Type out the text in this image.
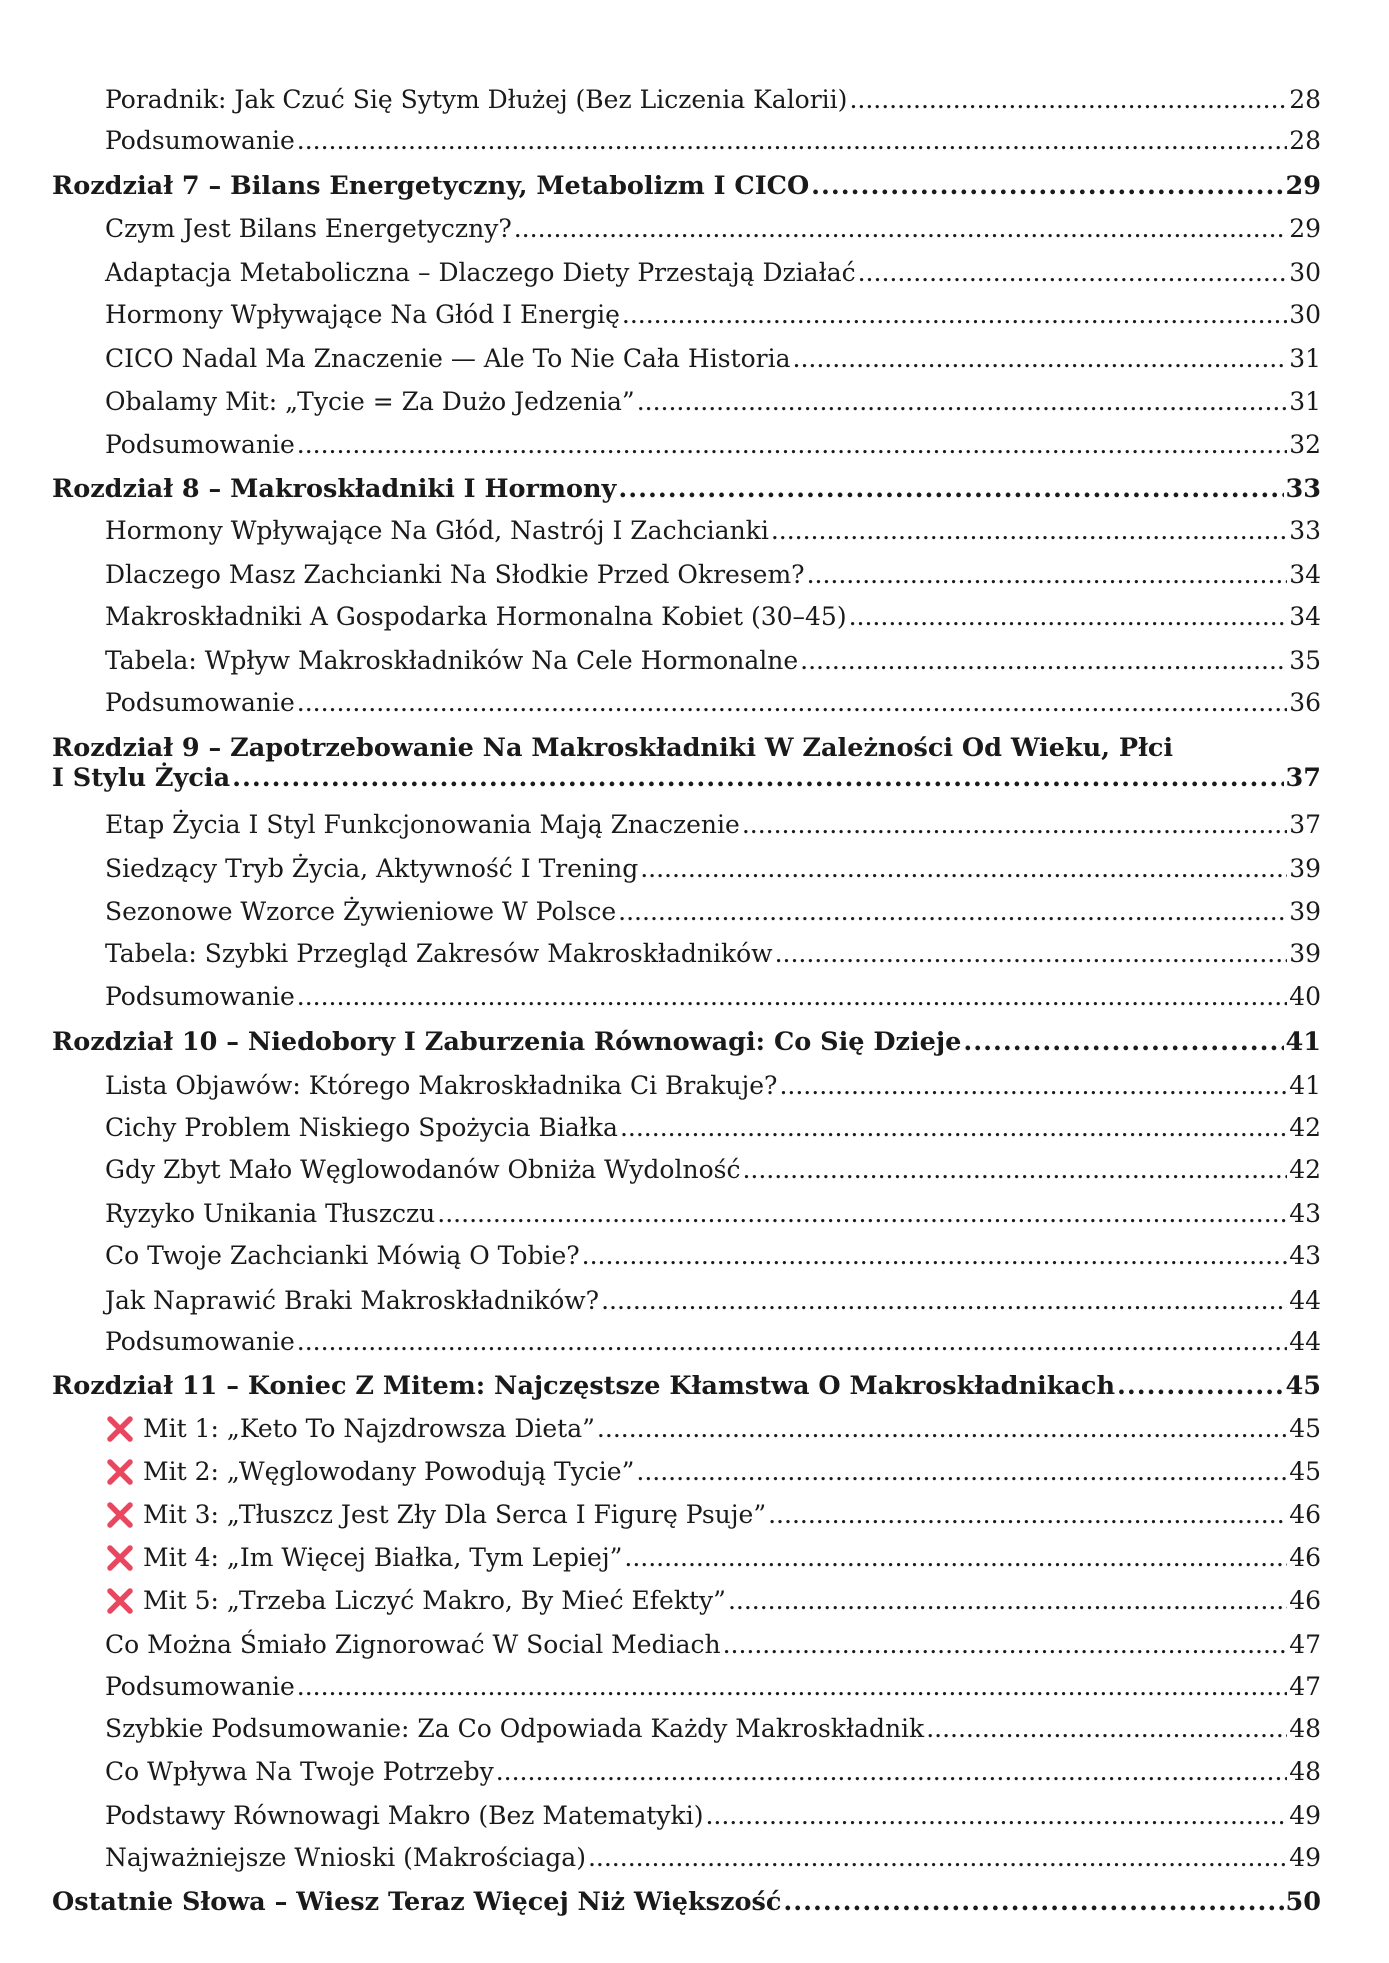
Poradnik: Jak Czuć Się Sytym Dłużej (Bez Liczenia Kalorii) .....	28
Podsumowanie .....	28
Rozdział 7 – Bilans Energetyczny, Metabolizm I CICO .....	29
Czym Jest Bilans Energetyczny? .....	29
Adaptacja Metaboliczna – Dlaczego Diety Przestają Działać .....	30
Hormony Wpływające Na Głód I Energię .....	30
CICO Nadal Ma Znaczenie — Ale To Nie Cała Historia .....	31
Obalamy Mit: „Tycie = Za Dużo Jedzenia” .....	31
Podsumowanie .....	32
Rozdział 8 – Makroskładniki I Hormony .....	33
Hormony Wpływające Na Głód, Nastrój I Zachcianki .....	33
Dlaczego Masz Zachcianki Na Słodkie Przed Okresem? .....	34
Makroskładniki A Gospodarka Hormonalna Kobiet (30–45) .....	34
Tabela: Wpływ Makroskładników Na Cele Hormonalne .....	35
Podsumowanie .....	36
Rozdział 9 – Zapotrzebowanie Na Makroskładniki W Zależności Od Wieku, Płci
I Stylu Życia .....	37
Etap Życia I Styl Funkcjonowania Mają Znaczenie .....	37
Siedzący Tryb Życia, Aktywność I Trening .....	39
Sezonowe Wzorce Żywieniowe W Polsce .....	39
Tabela: Szybki Przegląd Zakresów Makroskładników .....	39
Podsumowanie .....	40
Rozdział 10 – Niedobory I Zaburzenia Równowagi: Co Się Dzieje .....	41
Lista Objawów: Którego Makroskładnika Ci Brakuje? .....	41
Cichy Problem Niskiego Spożycia Białka .....	42
Gdy Zbyt Mało Węglowodanów Obniża Wydolność .....	42
Ryzyko Unikania Tłuszczu .....	43
Co Twoje Zachcianki Mówią O Tobie? .....	43
Jak Naprawić Braki Makroskładników? .....	44
Podsumowanie .....	44
Rozdział 11 – Koniec Z Mitem: Najczęstsze Kłamstwa O Makroskładnikach .....	45
Mit 1: „Keto To Najzdrowsza Dieta” .....	45
Mit 2: „Węglowodany Powodują Tycie” .....	45
Mit 3: „Tłuszcz Jest Zły Dla Serca I Figurę Psuje” .....	46
Mit 4: „Im Więcej Białka, Tym Lepiej” .....	46
Mit 5: „Trzeba Liczyć Makro, By Mieć Efekty” .....	46
Co Można Śmiało Zignorować W Social Mediach .....	47
Podsumowanie .....	47
Szybkie Podsumowanie: Za Co Odpowiada Każdy Makroskładnik .....	48
Co Wpływa Na Twoje Potrzeby .....	48
Podstawy Równowagi Makro (Bez Matematyki) .....	49
Najważniejsze Wnioski (Makrościaga) .....	49
Ostatnie Słowa – Wiesz Teraz Więcej Niż Większość .....	50
